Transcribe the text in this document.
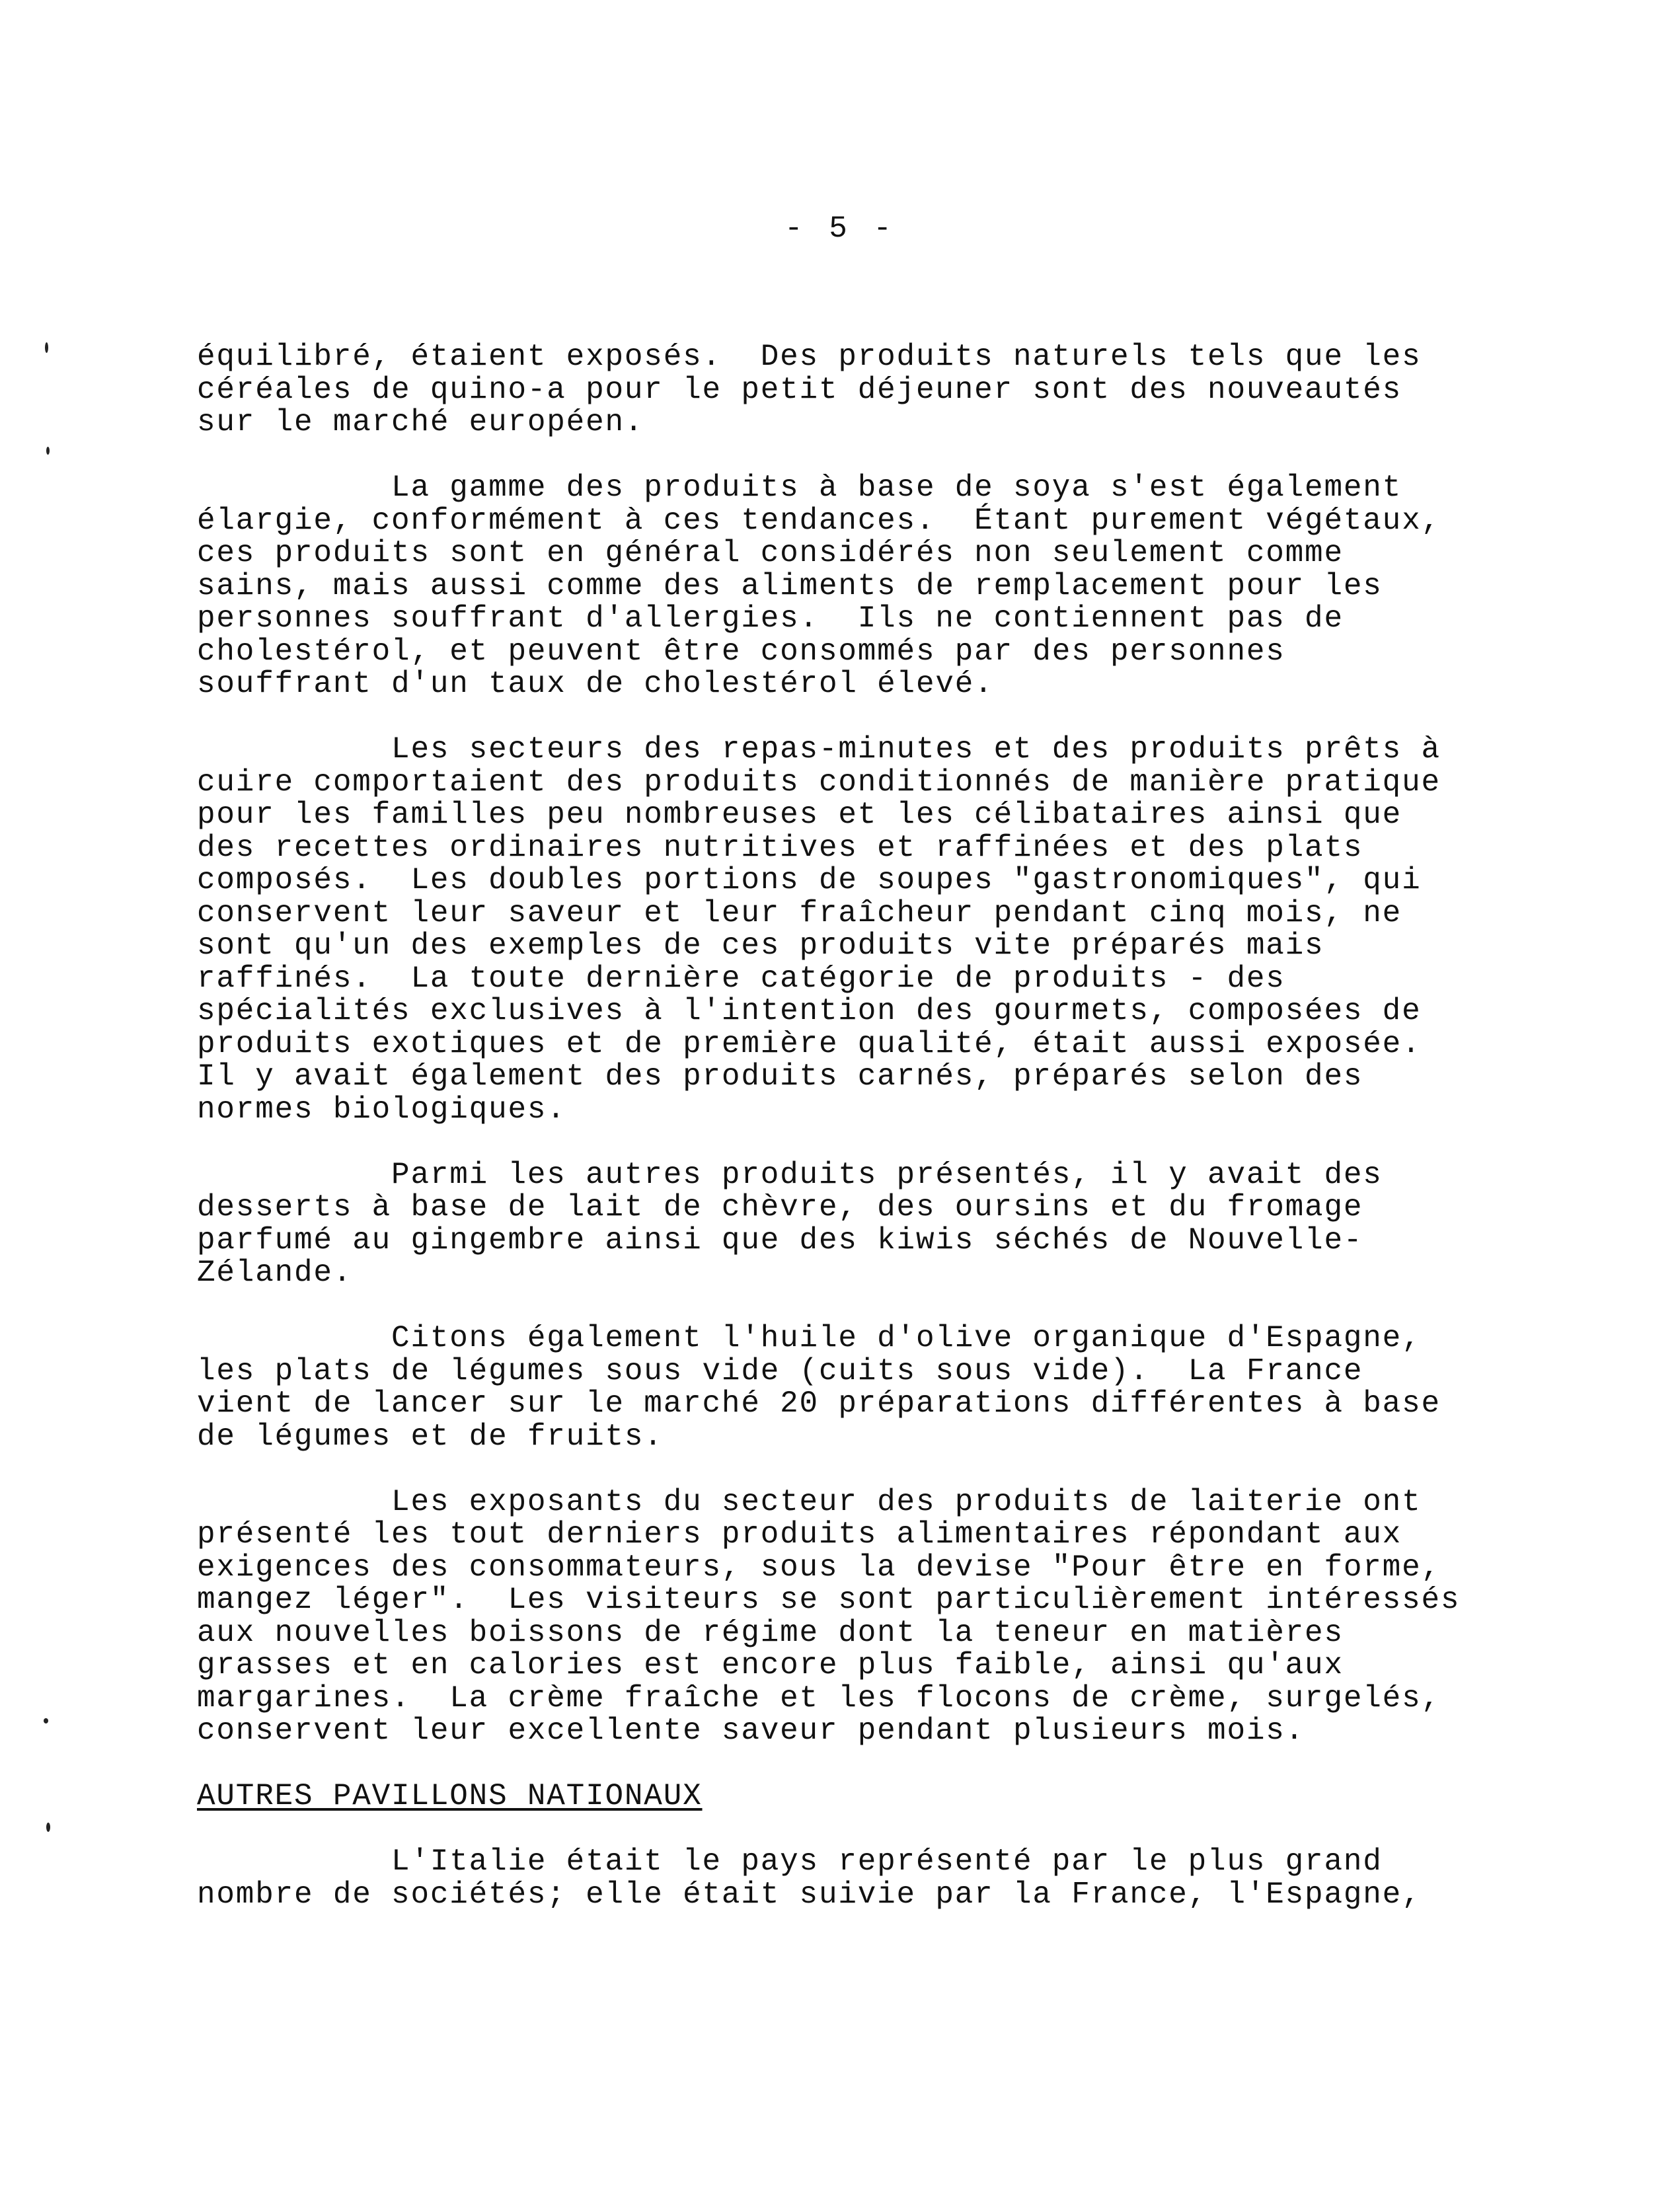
- 5 -

équilibré, étaient exposés.  Des produits naturels tels que les
céréales de quino-a pour le petit déjeuner sont des nouveautés
sur le marché européen.

La gamme des produits à base de soya s'est également
élargie, conformément à ces tendances.  Étant purement végétaux,
ces produits sont en général considérés non seulement comme
sains, mais aussi comme des aliments de remplacement pour les
personnes souffrant d'allergies.  Ils ne contiennent pas de
cholestérol, et peuvent être consommés par des personnes
souffrant d'un taux de cholestérol élevé.

Les secteurs des repas-minutes et des produits prêts à
cuire comportaient des produits conditionnés de manière pratique
pour les familles peu nombreuses et les célibataires ainsi que
des recettes ordinaires nutritives et raffinées et des plats
composés.  Les doubles portions de soupes "gastronomiques", qui
conservent leur saveur et leur fraîcheur pendant cinq mois, ne
sont qu'un des exemples de ces produits vite préparés mais
raffinés.  La toute dernière catégorie de produits - des
spécialités exclusives à l'intention des gourmets, composées de
produits exotiques et de première qualité, était aussi exposée.
Il y avait également des produits carnés, préparés selon des
normes biologiques.

Parmi les autres produits présentés, il y avait des
desserts à base de lait de chèvre, des oursins et du fromage
parfumé au gingembre ainsi que des kiwis séchés de Nouvelle-
Zélande.

Citons également l'huile d'olive organique d'Espagne,
les plats de légumes sous vide (cuits sous vide).  La France
vient de lancer sur le marché 20 préparations différentes à base
de légumes et de fruits.

Les exposants du secteur des produits de laiterie ont
présenté les tout derniers produits alimentaires répondant aux
exigences des consommateurs, sous la devise "Pour être en forme,
mangez léger".  Les visiteurs se sont particulièrement intéressés
aux nouvelles boissons de régime dont la teneur en matières
grasses et en calories est encore plus faible, ainsi qu'aux
margarines.  La crème fraîche et les flocons de crème, surgelés,
conservent leur excellente saveur pendant plusieurs mois.

AUTRES PAVILLONS NATIONAUX

L'Italie était le pays représenté par le plus grand
nombre de sociétés; elle était suivie par la France, l'Espagne,
